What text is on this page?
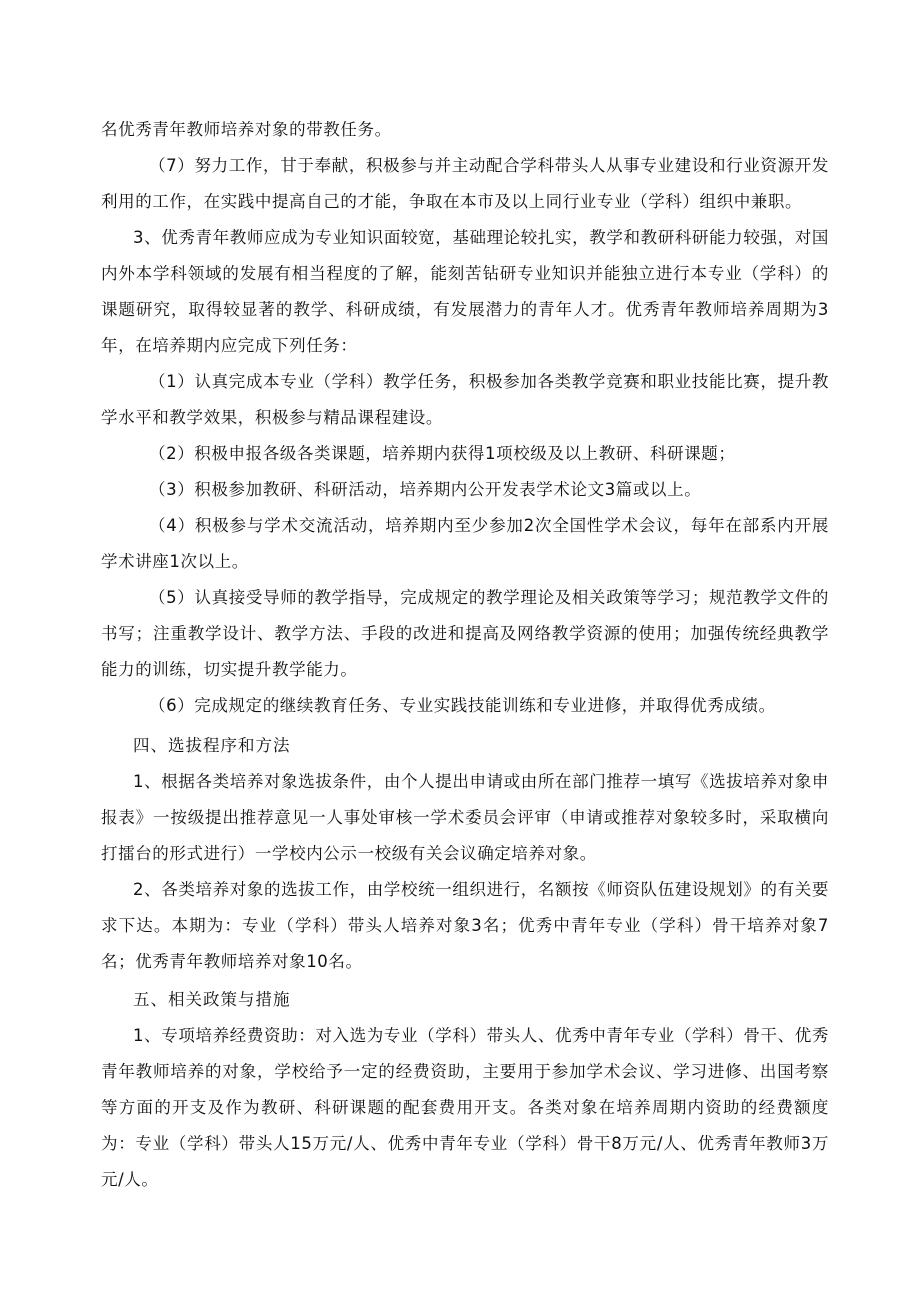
名优秀青年教师培养对象的带教任务。

（7）努力工作，甘于奉献，积极参与并主动配合学科带头人从事专业建设和行业资源开发利用的工作，在实践中提高自己的才能，争取在本市及以上同行业专业（学科）组织中兼职。

3、优秀青年教师应成为专业知识面较宽，基础理论较扎实，教学和教研科研能力较强，对国内外本学科领域的发展有相当程度的了解，能刻苦钻研专业知识并能独立进行本专业（学科）的课题研究，取得较显著的教学、科研成绩，有发展潜力的青年人才。优秀青年教师培养周期为3年，在培养期内应完成下列任务：

（1）认真完成本专业（学科）教学任务，积极参加各类教学竞赛和职业技能比赛，提升教学水平和教学效果，积极参与精品课程建设。

（2）积极申报各级各类课题，培养期内获得1项校级及以上教研、科研课题；

（3）积极参加教研、科研活动，培养期内公开发表学术论文3篇或以上。

（4）积极参与学术交流活动，培养期内至少参加2次全国性学术会议，每年在部系内开展学术讲座1次以上。

（5）认真接受导师的教学指导，完成规定的教学理论及相关政策等学习；规范教学文件的书写；注重教学设计、教学方法、手段的改进和提高及网络教学资源的使用；加强传统经典教学能力的训练，切实提升教学能力。

（6）完成规定的继续教育任务、专业实践技能训练和专业进修，并取得优秀成绩。

四、选拔程序和方法

1、根据各类培养对象选拔条件，由个人提出申请或由所在部门推荐一填写《选拔培养对象申报表》一按级提出推荐意见一人事处审核一学术委员会评审（申请或推荐对象较多时，采取横向打擂台的形式进行）一学校内公示一校级有关会议确定培养对象。

2、各类培养对象的选拔工作，由学校统一组织进行，名额按《师资队伍建设规划》的有关要求下达。本期为：专业（学科）带头人培养对象3名；优秀中青年专业（学科）骨干培养对象7名；优秀青年教师培养对象10名。

五、相关政策与措施

1、专项培养经费资助：对入选为专业（学科）带头人、优秀中青年专业（学科）骨干、优秀青年教师培养的对象，学校给予一定的经费资助，主要用于参加学术会议、学习进修、出国考察等方面的开支及作为教研、科研课题的配套费用开支。各类对象在培养周期内资助的经费额度为：专业（学科）带头人15万元/人、优秀中青年专业（学科）骨干8万元/人、优秀青年教师3万元/人。
